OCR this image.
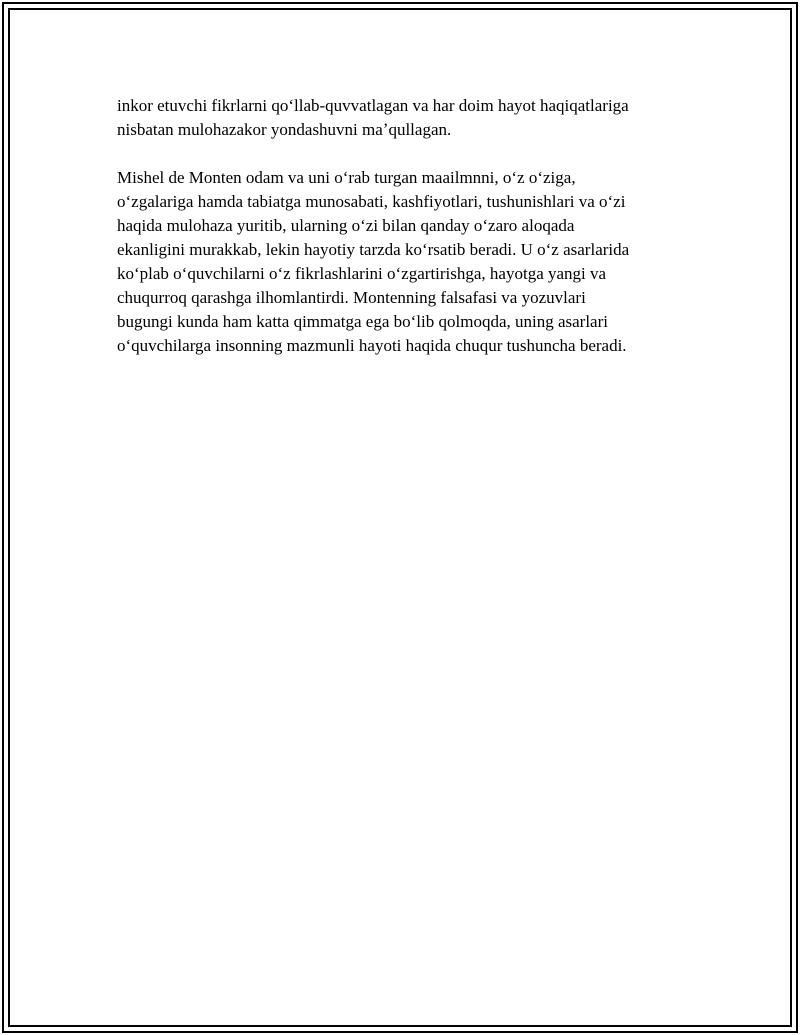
inkor etuvchi fikrlarni qoʻllab-quvvatlagan va har doim hayot haqiqatlariga
nisbatan mulohazakor yondashuvni maʼqullagan.

Mishel de Monten odam va uni oʻrab turgan maailmnni, oʻz oʻziga,
oʻzgalariga hamda tabiatga munosabati, kashfiyotlari, tushunishlari va oʻzi
haqida mulohaza yuritib, ularning oʻzi bilan qanday oʻzaro aloqada
ekanligini murakkab, lekin hayotiy tarzda koʻrsatib beradi. U oʻz asarlarida
koʻplab oʻquvchilarni oʻz fikrlashlarini oʻzgartirishga, hayotga yangi va
chuqurroq qarashga ilhomlantirdi. Montenning falsafasi va yozuvlari
bugungi kunda ham katta qimmatga ega boʻlib qolmoqda, uning asarlari
oʻquvchilarga insonning mazmunli hayoti haqida chuqur tushuncha beradi.
